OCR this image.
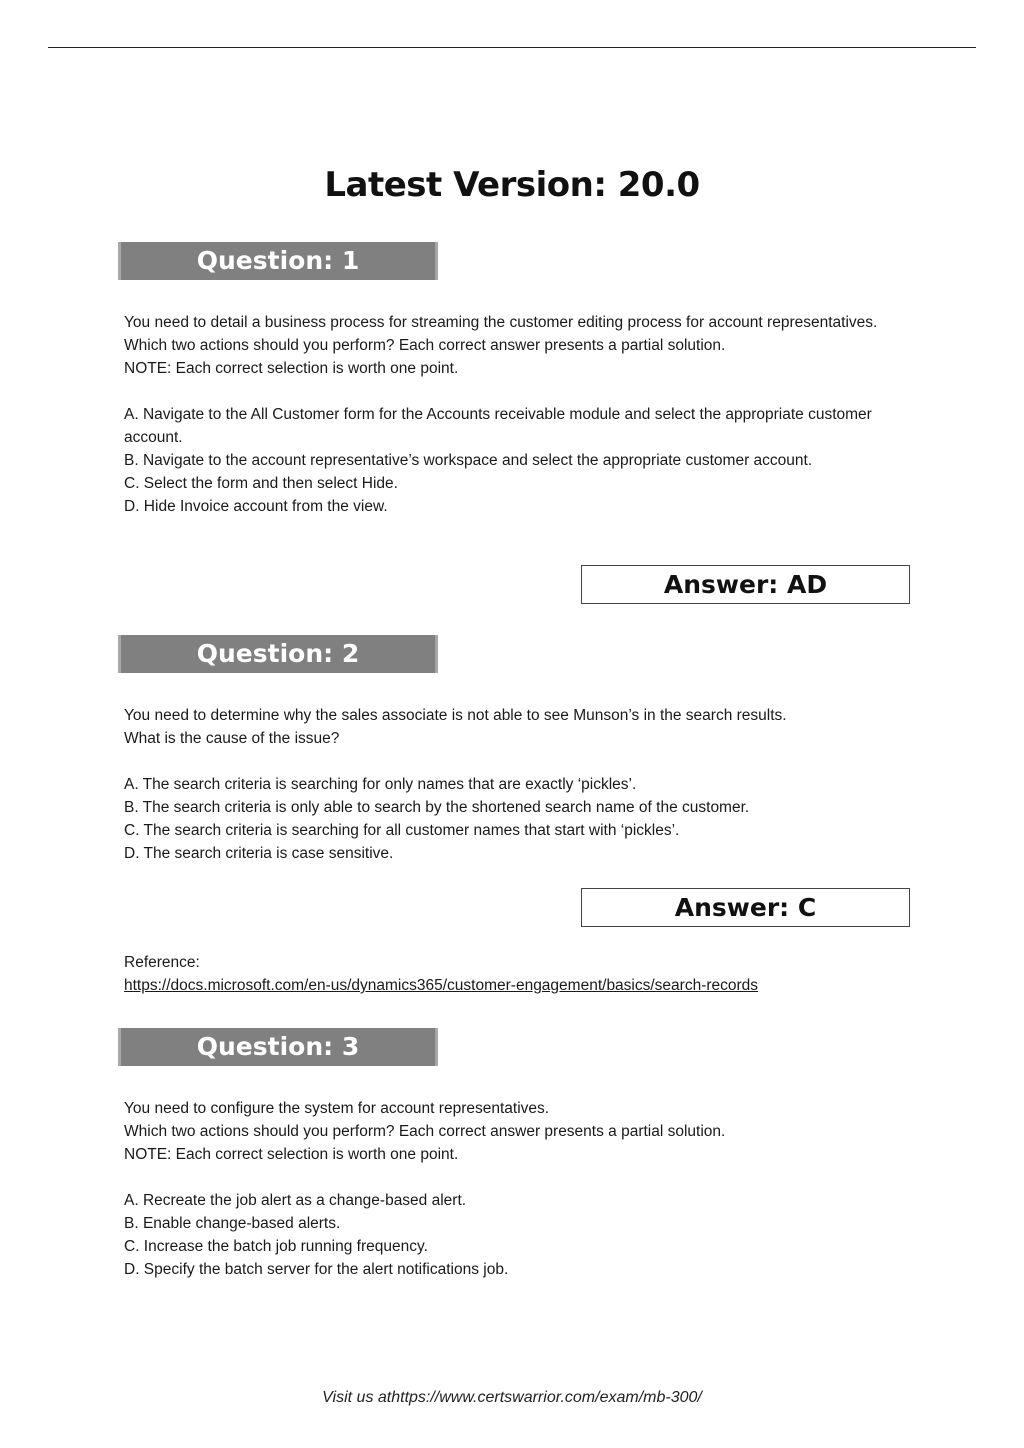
Latest Version: 20.0
Question: 1

You need to detail a business process for streaming the customer editing process for account representatives.

Which two actions should you perform? Each correct answer presents a partial solution.

NOTE: Each correct selection is worth one point.

A. Navigate to the All Customer form for the Accounts receivable module and select the appropriate customer account.

B. Navigate to the account representative’s workspace and select the appropriate customer account.

C. Select the form and then select Hide.

D. Hide Invoice account from the view.

Answer: AD
Question: 2

You need to determine why the sales associate is not able to see Munson’s in the search results.

What is the cause of the issue?

A. The search criteria is searching for only names that are exactly ‘pickles’.

B. The search criteria is only able to search by the shortened search name of the customer.

C. The search criteria is searching for all customer names that start with ‘pickles’.

D. The search criteria is case sensitive.

Answer: C

Reference:

https://docs.microsoft.com/en-us/dynamics365/customer-engagement/basics/search-records

Question: 3

You need to configure the system for account representatives.

Which two actions should you perform? Each correct answer presents a partial solution.

NOTE: Each correct selection is worth one point.

A. Recreate the job alert as a change-based alert.

B. Enable change-based alerts.

C. Increase the batch job running frequency.

D. Specify the batch server for the alert notifications job.

Visit us athttps://www.certswarrior.com/exam/mb-300/
